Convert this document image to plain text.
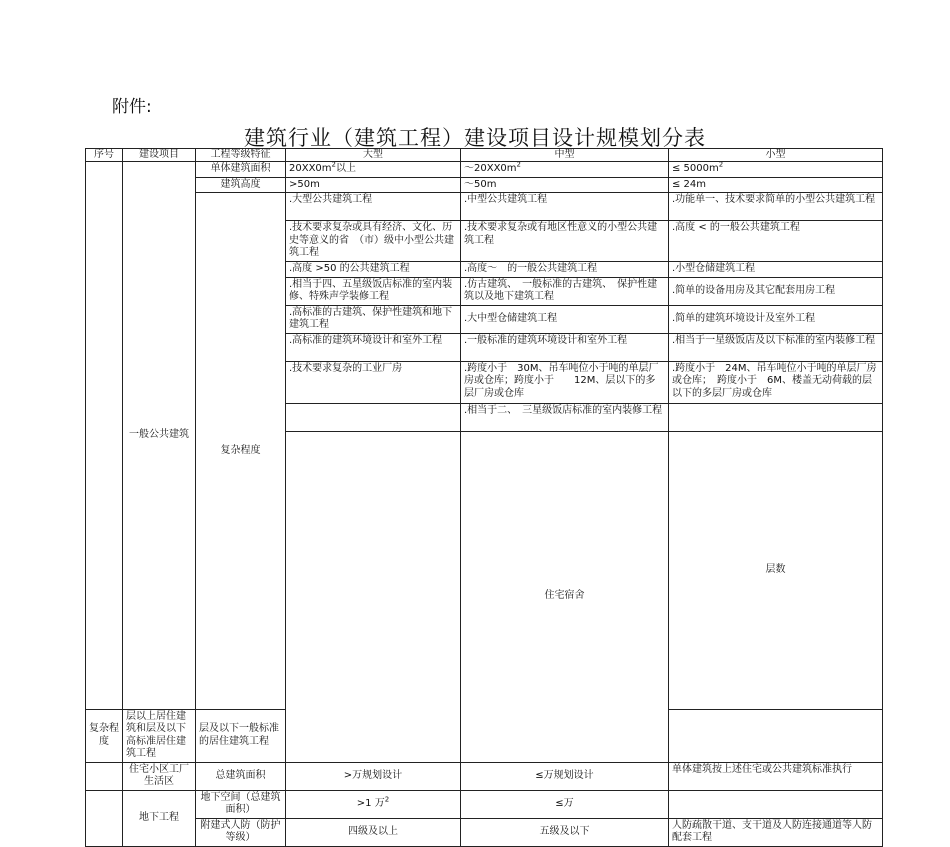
附件:
建筑行业（建筑工程）建设项目设计规模划分表
序号	建设项目	工程等级特征	大型	中型	小型	
	一般公共建筑	单体建筑面积	$20XX0m^2$以上	$\sim 20XX0m^2$	≤ $5000m^2$
		建筑高度	>50m	～50m	≤ 24m	
		复杂程度	.大型公共建筑工程	.中型公共建筑工程	.功能单一、技术要求简单的小型公共建筑工程	
			.技术要求复杂或具有经济、文化、历史等意义的省　（市）级中小型公共建筑工程	.技术要求复杂或有地区性意义的小型公共建筑工程	.高度 < 的一般公共建筑工程	
			.高度 >50 的公共建筑工程	.高度～　的一般公共建筑工程	.小型仓储建筑工程	
			.相当于四、五星级饭店标准的室内装修、特殊声学装修工程	.仿古建筑、　一般标准的古建筑、　保护性建筑以及地下建筑工程	.简单的设备用房及其它配套用房工程	
			.高标准的古建筑、保护性建筑和地下建筑工程	.大中型仓储建筑工程	.简单的建筑环境设计及室外工程	
			.高标准的建筑环境设计和室外工程	.一般标准的建筑环境设计和室外工程	.相当于一星级饭店及以下标准的室内装修工程	
			.技术要求复杂的工业厂房	.跨度小于　30M、吊车吨位小于吨的单层厂房或仓库；跨度小于　　12M、层以下的多层厂房或仓库	.跨度小于　24M、吊车吨位小于吨的单层厂房或仓库；　跨度小于　6M、楼盖无动荷载的层以下的多层厂房或仓库	
				.相当于二、　三星级饭店标准的室内装修工程		
				住宅宿舍	层数			
复杂程度	层以上居住建筑和层及以下高标准居住建筑工程	层及以下一般标准的居住建筑工程				
	住宅小区工厂生活区	总建筑面积	>万规划设计	≤万规划设计	单体建筑按上述住宅或公共建筑标准执行	
	地下工程	地下空间（总建筑面积）	>1 万$^2$	≤万		
		附建式人防（防护等级）	四级及以上	五级及以下	人防疏散干道、支干道及人防连接通道等人防配套工程	
